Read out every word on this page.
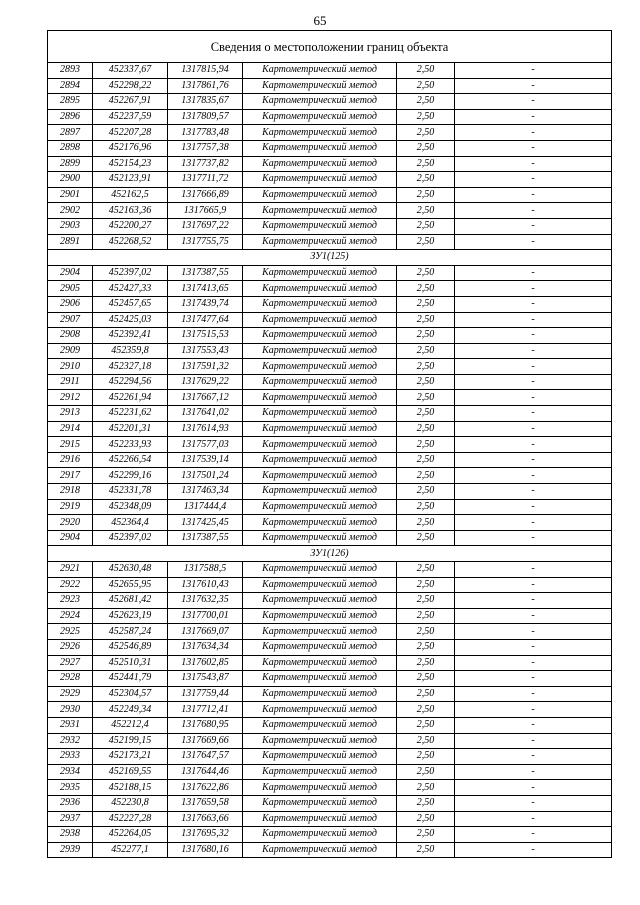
65
Сведения о местоположении границ объекта					
2893	452337,67	1317815,94	Картометрический метод	2,50	-
2894	452298,22	1317861,76	Картометрический метод	2,50	-
2895	452267,91	1317835,67	Картометрический метод	2,50	-
2896	452237,59	1317809,57	Картометрический метод	2,50	-
2897	452207,28	1317783,48	Картометрический метод	2,50	-
2898	452176,96	1317757,38	Картометрический метод	2,50	-
2899	452154,23	1317737,82	Картометрический метод	2,50	-
2900	452123,91	1317711,72	Картометрический метод	2,50	-
2901	452162,5	1317666,89	Картометрический метод	2,50	-
2902	452163,36	1317665,9	Картометрический метод	2,50	-
2903	452200,27	1317697,22	Картометрический метод	2,50	-
2891	452268,52	1317755,75	Картометрический метод	2,50	-
ЗУ1(125)					
2904	452397,02	1317387,55	Картометрический метод	2,50	-
2905	452427,33	1317413,65	Картометрический метод	2,50	-
2906	452457,65	1317439,74	Картометрический метод	2,50	-
2907	452425,03	1317477,64	Картометрический метод	2,50	-
2908	452392,41	1317515,53	Картометрический метод	2,50	-
2909	452359,8	1317553,43	Картометрический метод	2,50	-
2910	452327,18	1317591,32	Картометрический метод	2,50	-
2911	452294,56	1317629,22	Картометрический метод	2,50	-
2912	452261,94	1317667,12	Картометрический метод	2,50	-
2913	452231,62	1317641,02	Картометрический метод	2,50	-
2914	452201,31	1317614,93	Картометрический метод	2,50	-
2915	452233,93	1317577,03	Картометрический метод	2,50	-
2916	452266,54	1317539,14	Картометрический метод	2,50	-
2917	452299,16	1317501,24	Картометрический метод	2,50	-
2918	452331,78	1317463,34	Картометрический метод	2,50	-
2919	452348,09	1317444,4	Картометрический метод	2,50	-
2920	452364,4	1317425,45	Картометрический метод	2,50	-
2904	452397,02	1317387,55	Картометрический метод	2,50	-
ЗУ1(126)					
2921	452630,48	1317588,5	Картометрический метод	2,50	-
2922	452655,95	1317610,43	Картометрический метод	2,50	-
2923	452681,42	1317632,35	Картометрический метод	2,50	-
2924	452623,19	1317700,01	Картометрический метод	2,50	-
2925	452587,24	1317669,07	Картометрический метод	2,50	-
2926	452546,89	1317634,34	Картометрический метод	2,50	-
2927	452510,31	1317602,85	Картометрический метод	2,50	-
2928	452441,79	1317543,87	Картометрический метод	2,50	-
2929	452304,57	1317759,44	Картометрический метод	2,50	-
2930	452249,34	1317712,41	Картометрический метод	2,50	-
2931	452212,4	1317680,95	Картометрический метод	2,50	-
2932	452199,15	1317669,66	Картометрический метод	2,50	-
2933	452173,21	1317647,57	Картометрический метод	2,50	-
2934	452169,55	1317644,46	Картометрический метод	2,50	-
2935	452188,15	1317622,86	Картометрический метод	2,50	-
2936	452230,8	1317659,58	Картометрический метод	2,50	-
2937	452227,28	1317663,66	Картометрический метод	2,50	-
2938	452264,05	1317695,32	Картометрический метод	2,50	-
2939	452277,1	1317680,16	Картометрический метод	2,50	-
